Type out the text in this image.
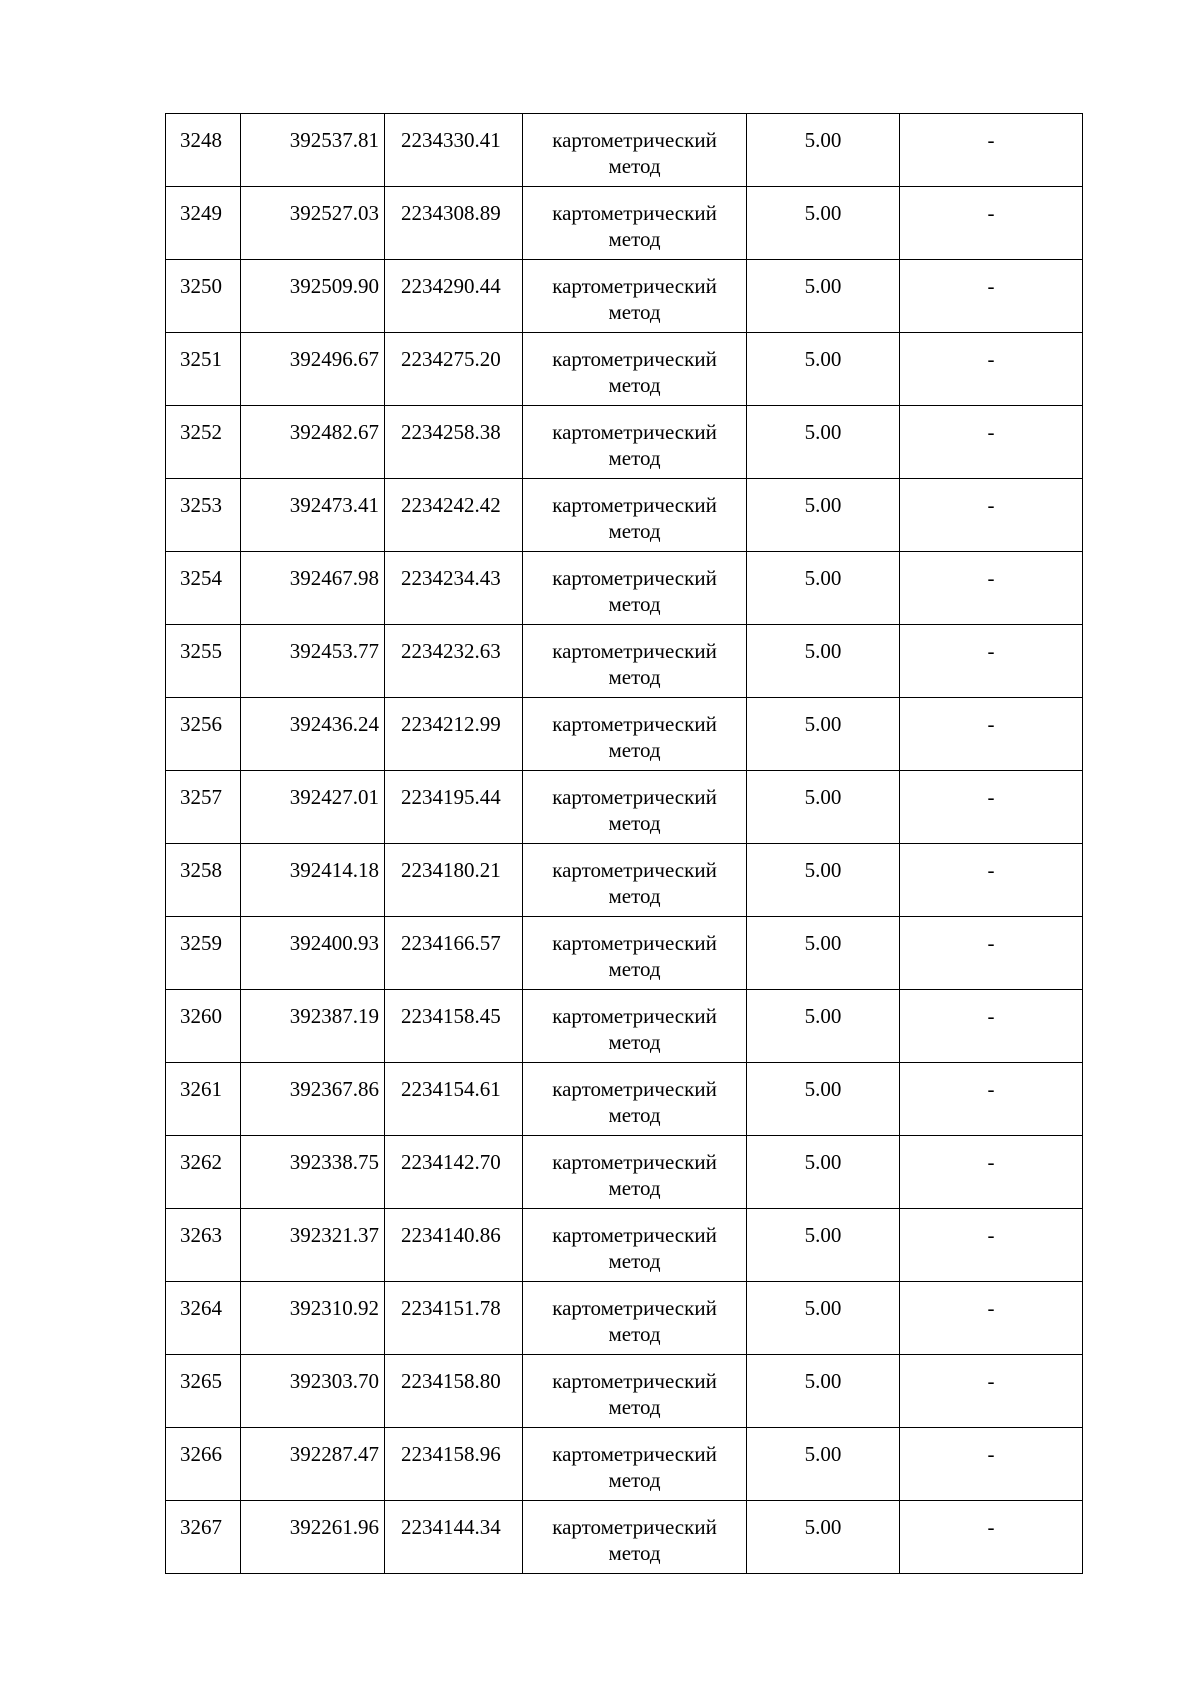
3248	392537.81	2234330.41	картометрический метод	5.00	-
3249	392527.03	2234308.89	картометрический метод	5.00	-
3250	392509.90	2234290.44	картометрический метод	5.00	-
3251	392496.67	2234275.20	картометрический метод	5.00	-
3252	392482.67	2234258.38	картометрический метод	5.00	-
3253	392473.41	2234242.42	картометрический метод	5.00	-
3254	392467.98	2234234.43	картометрический метод	5.00	-
3255	392453.77	2234232.63	картометрический метод	5.00	-
3256	392436.24	2234212.99	картометрический метод	5.00	-
3257	392427.01	2234195.44	картометрический метод	5.00	-
3258	392414.18	2234180.21	картометрический метод	5.00	-
3259	392400.93	2234166.57	картометрический метод	5.00	-
3260	392387.19	2234158.45	картометрический метод	5.00	-
3261	392367.86	2234154.61	картометрический метод	5.00	-
3262	392338.75	2234142.70	картометрический метод	5.00	-
3263	392321.37	2234140.86	картометрический метод	5.00	-
3264	392310.92	2234151.78	картометрический метод	5.00	-
3265	392303.70	2234158.80	картометрический метод	5.00	-
3266	392287.47	2234158.96	картометрический метод	5.00	-
3267	392261.96	2234144.34	картометрический метод	5.00	-
